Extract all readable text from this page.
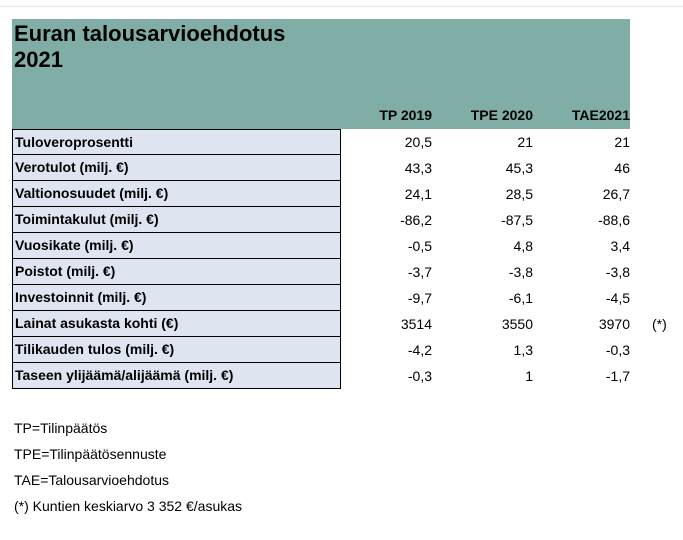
Euran talousarvioehdotus
2021
TP 2019	TPE 2020	TAE2021
Tuloveroprosentti	20,5	21	21
Verotulot (milj. €)	43,3	45,3	46
Valtionosuudet (milj. €)	24,1	28,5	26,7
Toimintakulut (milj. €)	-86,2	-87,5	-88,6
Vuosikate (milj. €)	-0,5	4,8	3,4
Poistot (milj. €)	-3,7	-3,8	-3,8
Investoinnit (milj. €)	-9,7	-6,1	-4,5
Lainat asukasta kohti (€)	3514	3550	3970 (*)
Tilikauden tulos (milj. €)	-4,2	1,3	-0,3
Taseen ylijäämä/alijäämä (milj. €)	-0,3	1	-1,7
TP=Tilinpäätös
TPE=Tilinpäätösennuste
TAE=Talousarvioehdotus
(*) Kuntien keskiarvo 3 352 €/asukas
